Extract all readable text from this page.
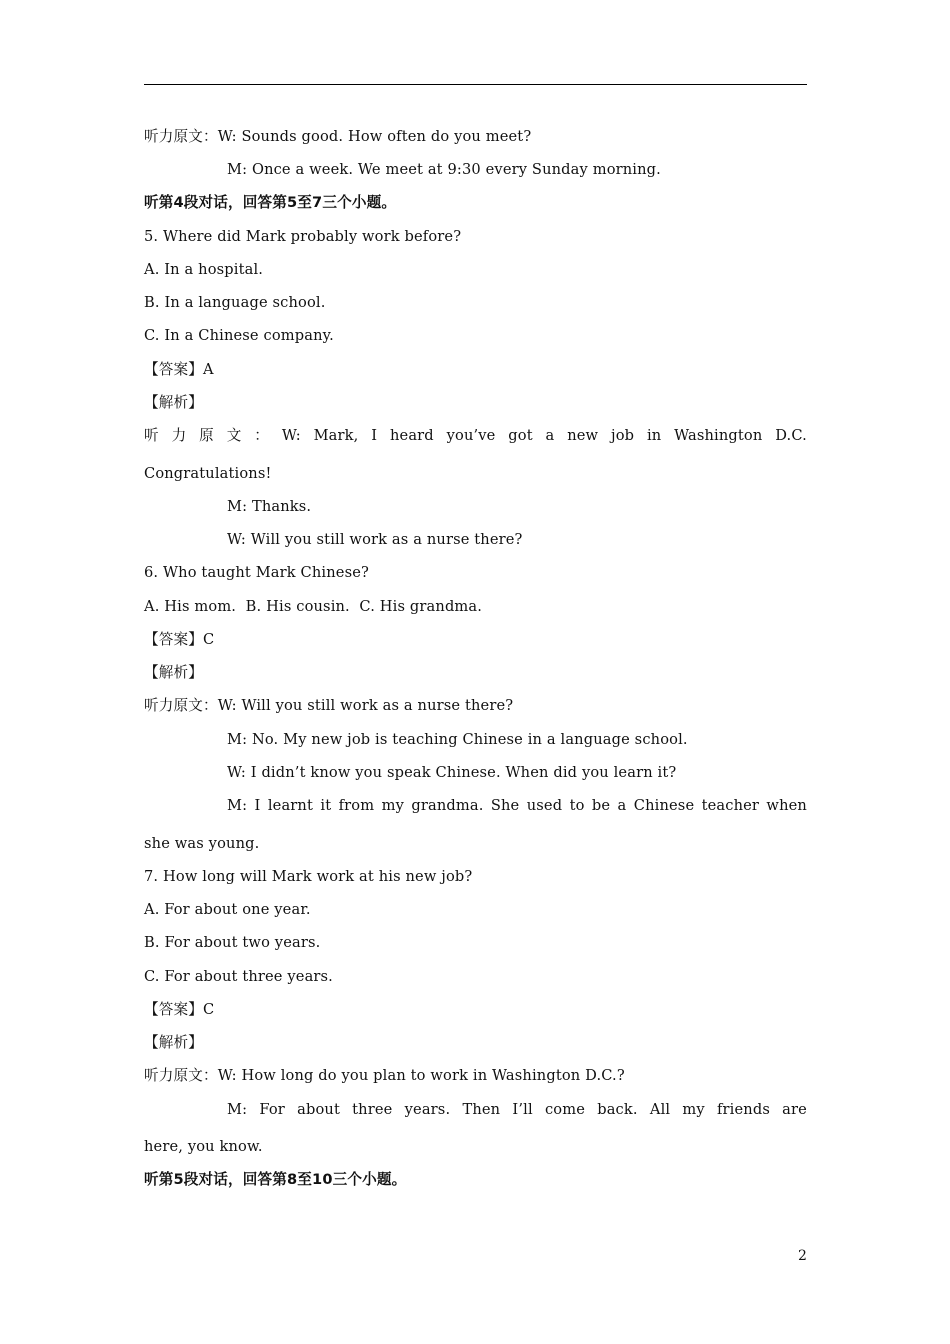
听力原文：W: Sounds good. How often do you meet?
M: Once a week. We meet at 9:30 every Sunday morning.
听第4段对话，回答第5至7三个小题。
5. Where did Mark probably work before?
A. In a hospital.
B. In a language school.
C. In a Chinese company.
【答案】A
【解析】
听 力 原 文 ： W: Mark, I heard you’ve got a new job in Washington D.C.
Congratulations!
M: Thanks.
W: Will you still work as a nurse there?
6. Who taught Mark Chinese?
A. His mom.  B. His cousin.  C. His grandma.
【答案】C
【解析】
听力原文：W: Will you still work as a nurse there?
M: No. My new job is teaching Chinese in a language school.
W: I didn’t know you speak Chinese. When did you learn it?
M: I learnt it from my grandma. She used to be a Chinese teacher when
she was young.
7. How long will Mark work at his new job?
A. For about one year.
B. For about two years.
C. For about three years.
【答案】C
【解析】
听力原文：W: How long do you plan to work in Washington D.C.?
M: For about three years. Then I’ll come back. All my friends are
here, you know.
听第5段对话，回答第8至10三个小题。
2
